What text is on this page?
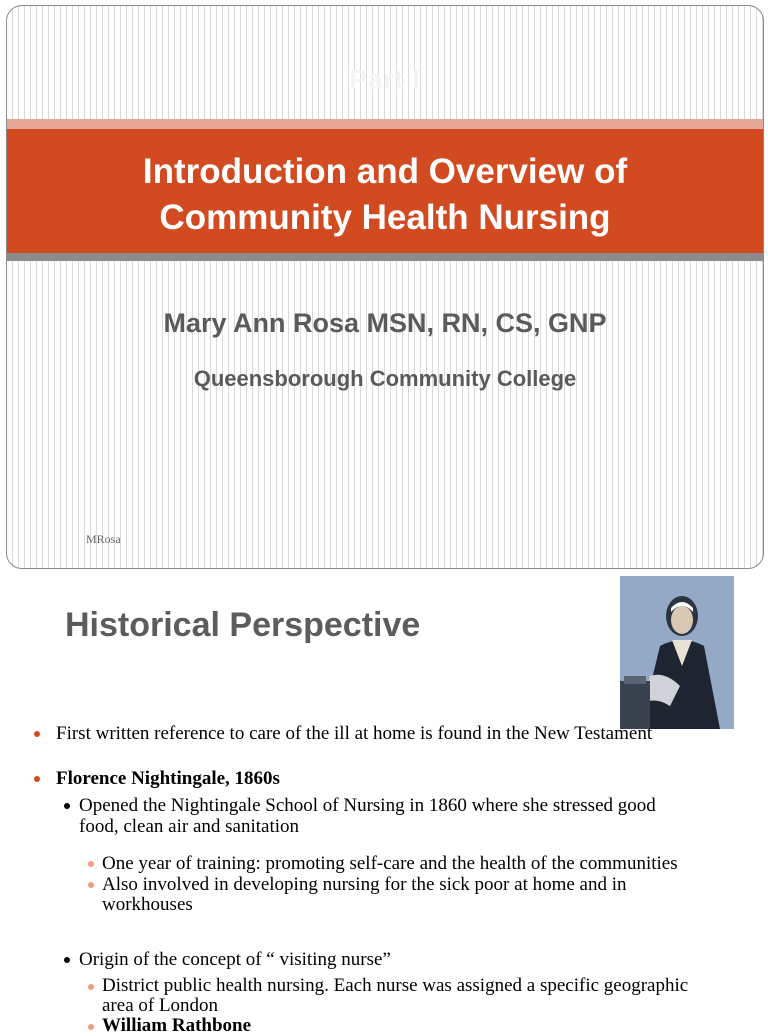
Part I
Introduction and Overview of
Community Health Nursing
Mary Ann Rosa MSN, RN, CS, GNP
Queensborough Community College
MRosa
Historical Perspective
First written reference to care of the ill at home is found in the New Testament
Florence Nightingale, 1860s
Opened the Nightingale School of Nursing in 1860 where she stressed good
food, clean air and sanitation
One year of training: promoting self-care and the health of the communities
Also involved in developing nursing for the sick poor at home and in
workhouses
Origin of the concept of “ visiting nurse”
District public health nursing. Each nurse was assigned a specific geographic
area of London
William Rathbone
